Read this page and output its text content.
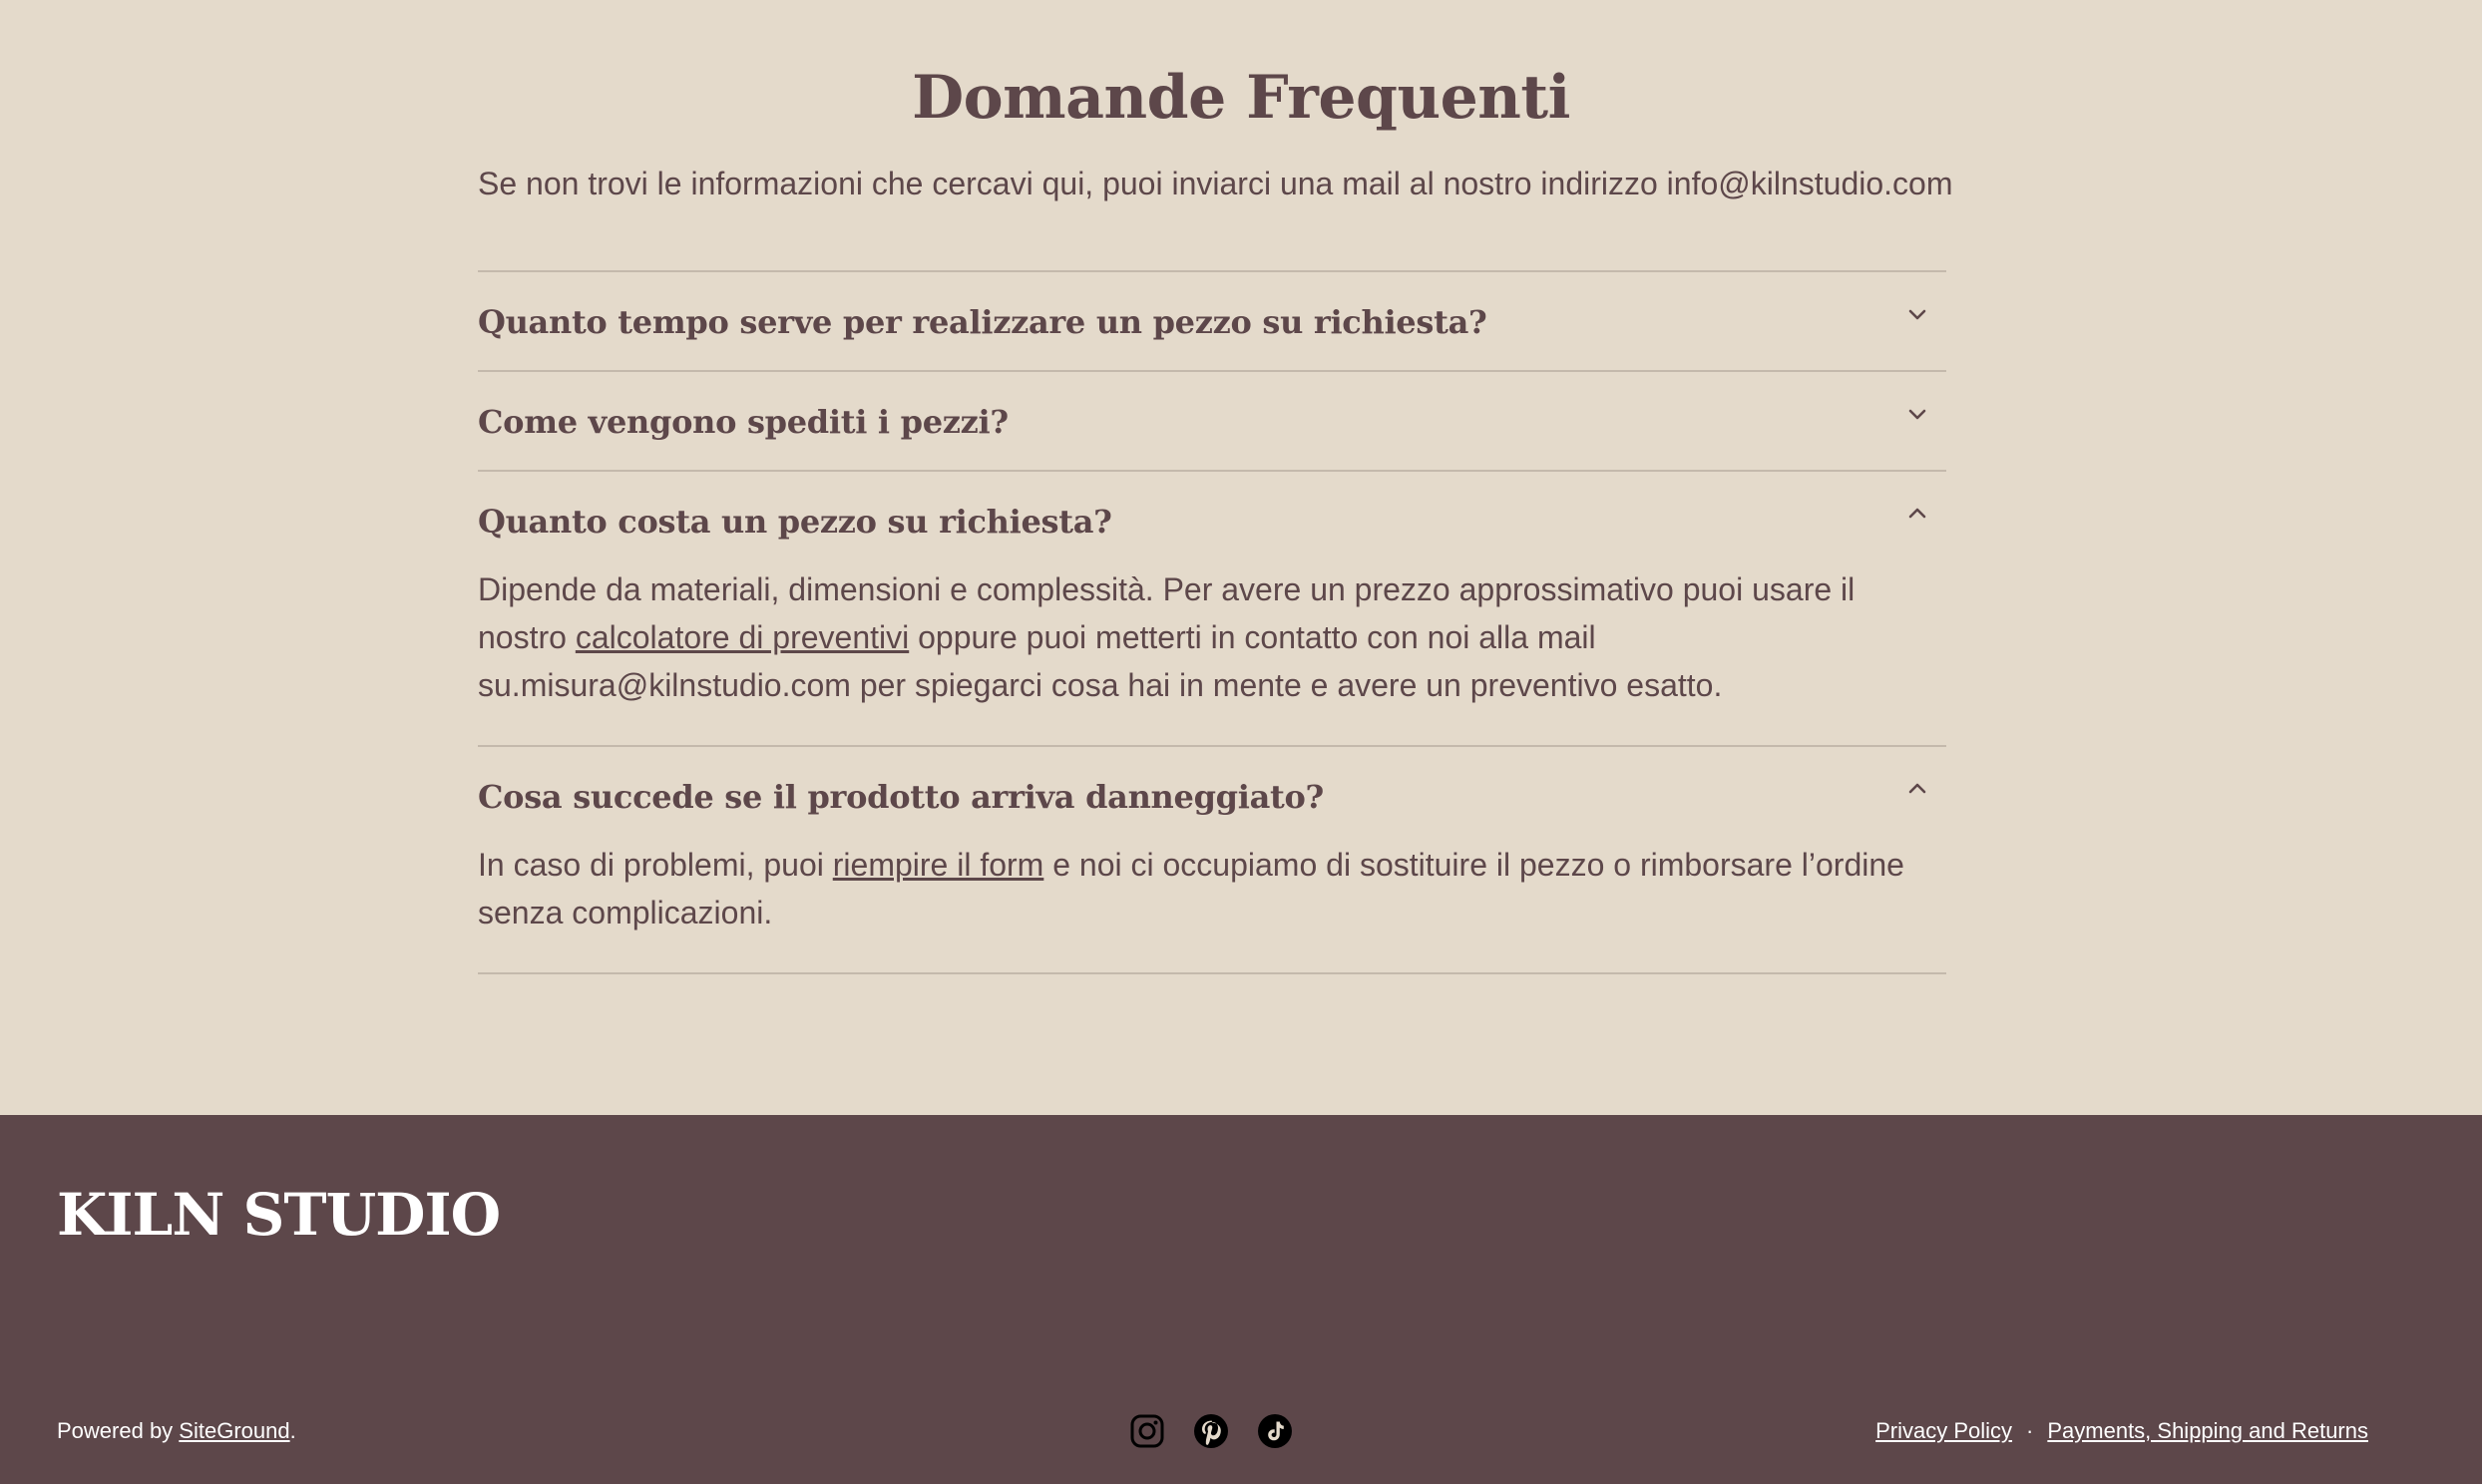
Domande Frequenti

Se non trovi le informazioni che cercavi qui, puoi inviarci una mail al nostro indirizzo info@kilnstudio.com

Quanto tempo serve per realizzare un pezzo su richiesta?
Come vengono spediti i pezzi?
Quanto costa un pezzo su richiesta?
Dipende da materiali, dimensioni e complessità. Per avere un prezzo approssimativo puoi usare il nostro calcolatore di preventivi oppure puoi metterti in contatto con noi alla mail su.misura@kilnstudio.com per spiegarci cosa hai in mente e avere un preventivo esatto.
Cosa succede se il prodotto arriva danneggiato?
In caso di problemi, puoi riempire il form e noi ci occupiamo di sostituire il pezzo o rimborsare l’ordine senza complicazioni.
KILN STUDIO
Powered by SiteGround.	Privacy Policy · Payments, Shipping and Returns
